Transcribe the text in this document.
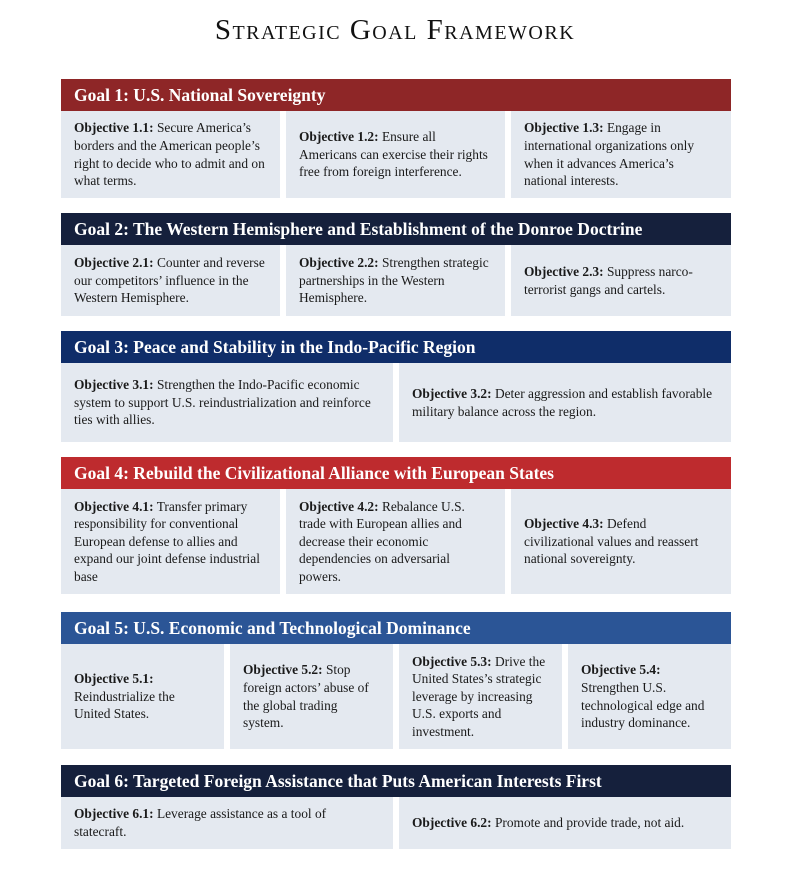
Strategic Goal Framework
Goal 1: U.S. National Sovereignty
Objective 1.1: Secure America’s borders and the American people’s right to decide who to admit and on what terms.
Objective 1.2: Ensure all Americans can exercise their rights free from foreign interference.
Objective 1.3: Engage in international organizations only when it advances America’s national interests.
Goal 2: The Western Hemisphere and Establishment of the Donroe Doctrine
Objective 2.1: Counter and reverse our competitors’ influence in the Western Hemisphere.
Objective 2.2: Strengthen strategic partnerships in the Western Hemisphere.
Objective 2.3: Suppress narco-terrorist gangs and cartels.
Goal 3: Peace and Stability in the Indo-Pacific Region
Objective 3.1: Strengthen the Indo-Pacific economic system to support U.S. reindustrialization and reinforce ties with allies.
Objective 3.2: Deter aggression and establish favorable military balance across the region.
Goal 4: Rebuild the Civilizational Alliance with European States
Objective 4.1: Transfer primary responsibility for conventional European defense to allies and expand our joint defense industrial base
Objective 4.2: Rebalance U.S. trade with European allies and decrease their economic dependencies on adversarial powers.
Objective 4.3: Defend civilizational values and reassert national sovereignty.
Goal 5: U.S. Economic and Technological Dominance
Objective 5.1:
Reindustrialize the United States.
Objective 5.2: Stop foreign actors’ abuse of the global trading system.
Objective 5.3: Drive the United States’s strategic leverage by increasing U.S. exports and investment.
Objective 5.4:
Strengthen U.S. technological edge and industry dominance.
Goal 6: Targeted Foreign Assistance that Puts American Interests First
Objective 6.1: Leverage assistance as a tool of statecraft.
Objective 6.2: Promote and provide trade, not aid.
